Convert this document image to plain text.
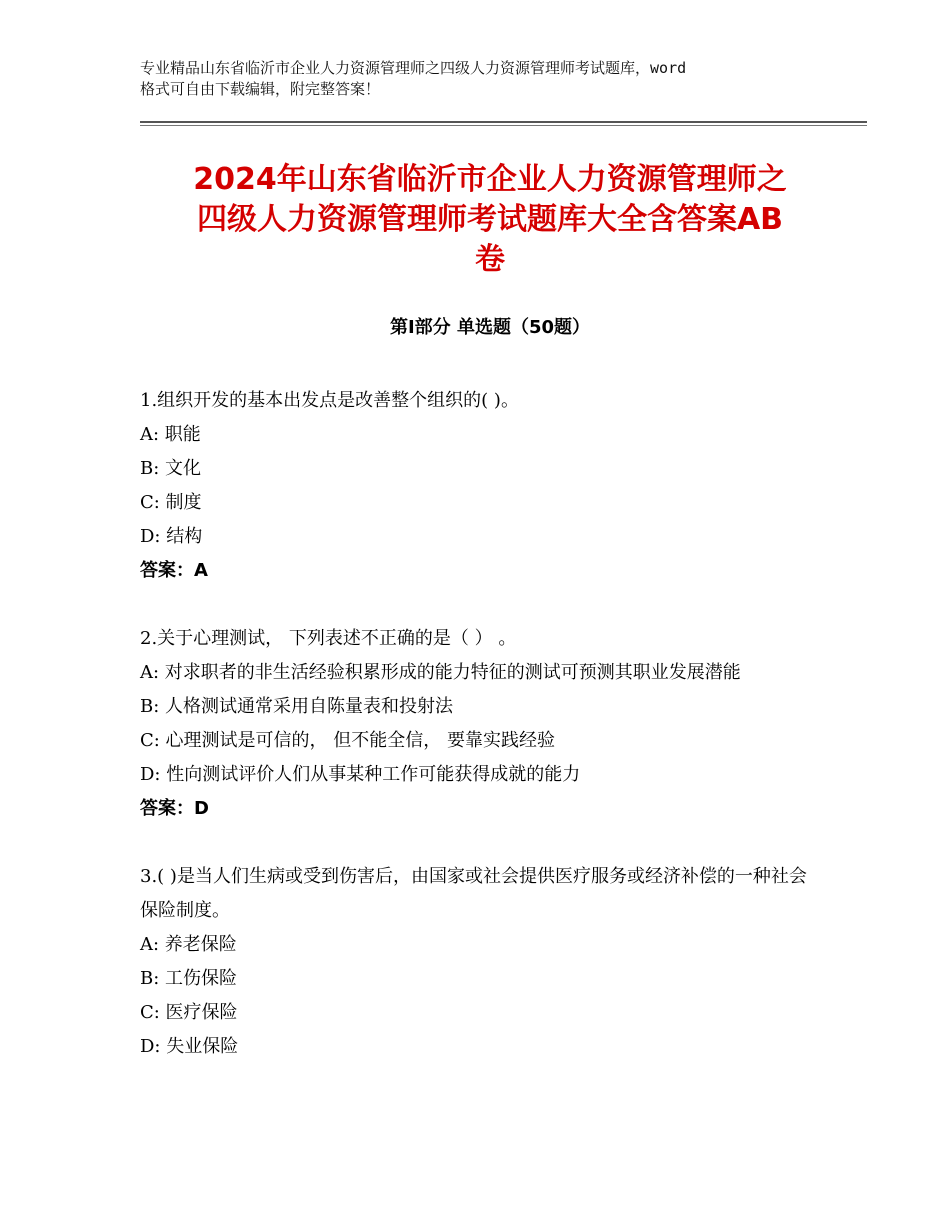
专业精品山东省临沂市企业人力资源管理师之四级人力资源管理师考试题库，word
格式可自由下载编辑，附完整答案！
2024年山东省临沂市企业人力资源管理师之
四级人力资源管理师考试题库大全含答案AB
卷
第Ⅰ部分 单选题（50题）

1.组织开发的基本出发点是改善整个组织的( )。

A: 职能

B: 文化

C: 制度

D: 结构

答案：A

2.关于心理测试， 下列表述不正确的是（ ） 。

A: 对求职者的非生活经验积累形成的能力特征的测试可预测其职业发展潜能

B: 人格测试通常采用自陈量表和投射法

C: 心理测试是可信的， 但不能全信， 要靠实践经验

D: 性向测试评价人们从事某种工作可能获得成就的能力

答案：D

3.( )是当人们生病或受到伤害后，由国家或社会提供医疗服务或经济补偿的一种社会保险制度。

A: 养老保险

B: 工伤保险

C: 医疗保险

D: 失业保险
